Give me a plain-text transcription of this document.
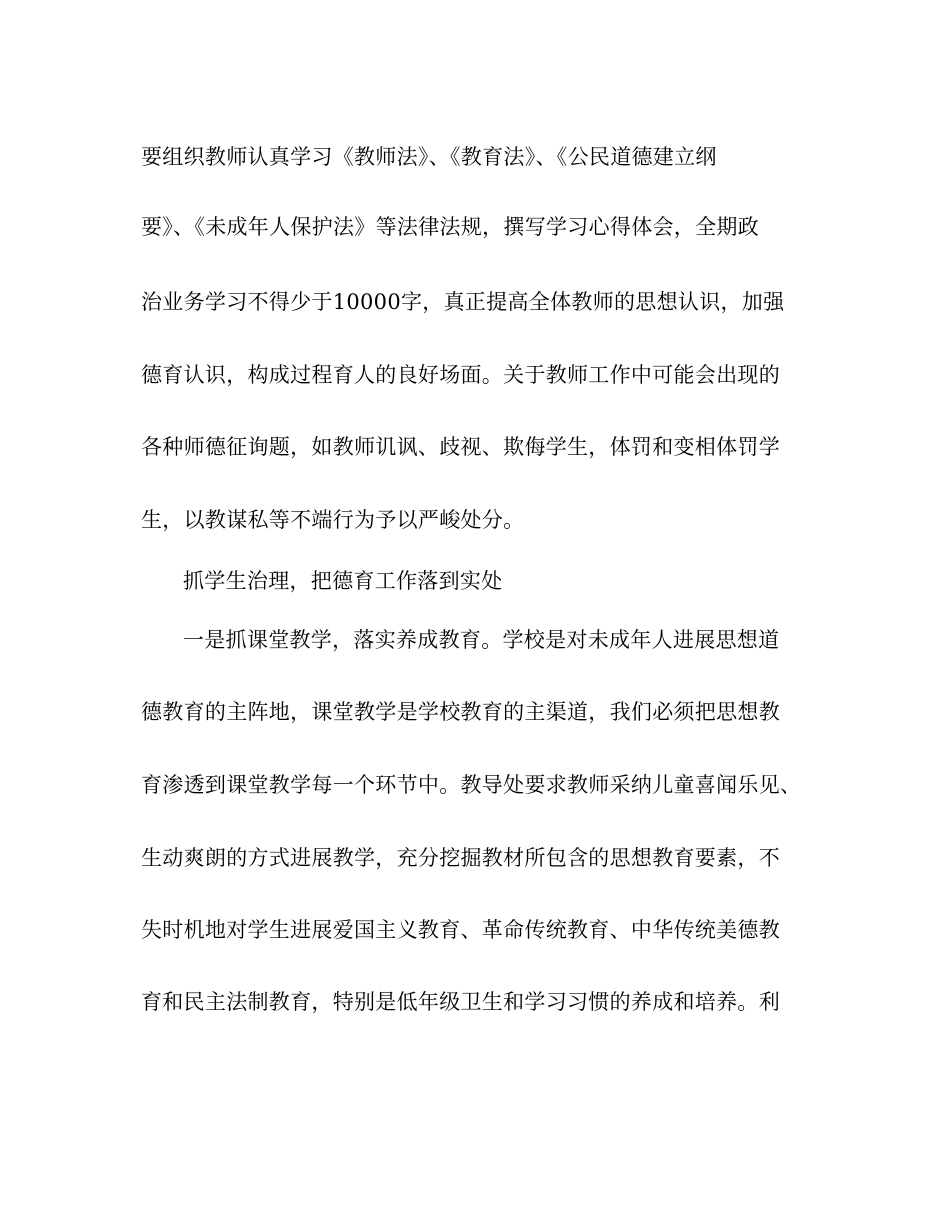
要组织教师认真学习《教师法》、《教育法》、《公民道德建立纲
要》、《未成年人保护法》等法律法规，撰写学习心得体会，全期政
治业务学习不得少于10000字，真正提高全体教师的思想认识，加强
德育认识，构成过程育人的良好场面。关于教师工作中可能会出现的
各种师德征询题，如教师讥讽、歧视、欺侮学生，体罚和变相体罚学
生，以教谋私等不端行为予以严峻处分。
抓学生治理，把德育工作落到实处
一是抓课堂教学，落实养成教育。学校是对未成年人进展思想道
德教育的主阵地，课堂教学是学校教育的主渠道，我们必须把思想教
育渗透到课堂教学每一个环节中。教导处要求教师采纳儿童喜闻乐见、
生动爽朗的方式进展教学，充分挖掘教材所包含的思想教育要素，不
失时机地对学生进展爱国主义教育、革命传统教育、中华传统美德教
育和民主法制教育，特别是低年级卫生和学习习惯的养成和培养。利
